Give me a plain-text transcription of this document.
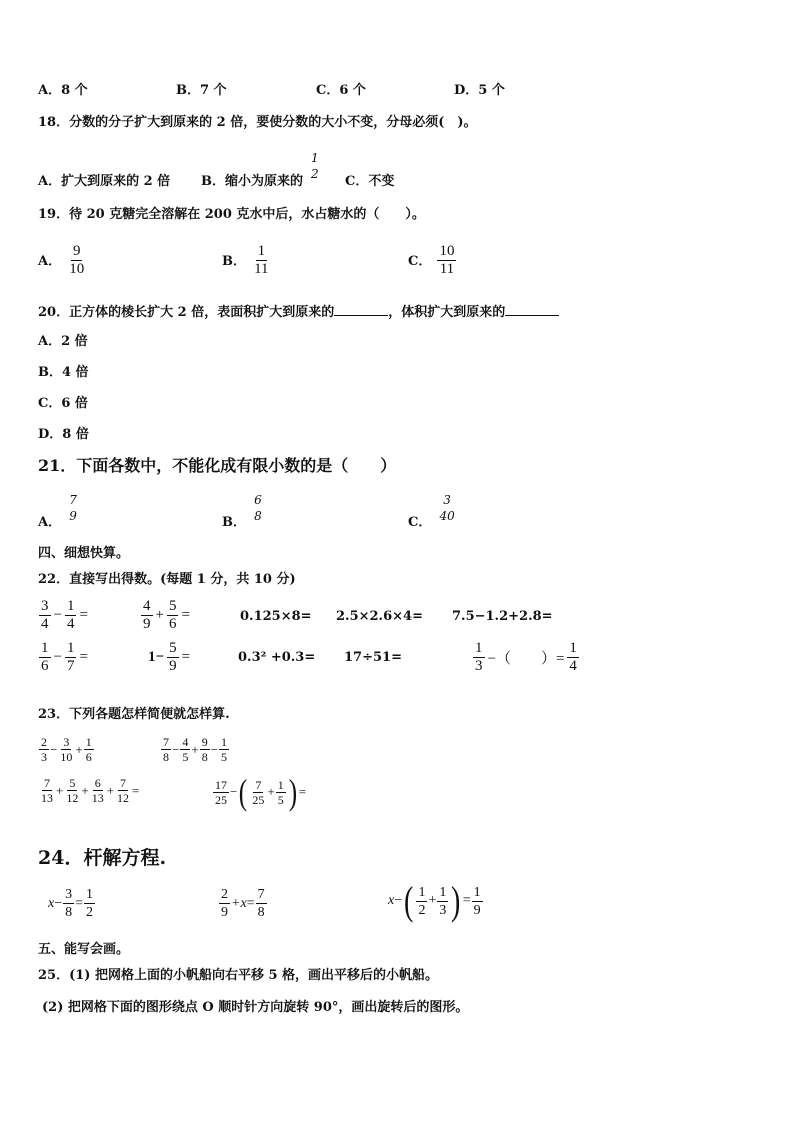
A．8 个	B．7 个	C．6 个	D．5 个
18．分数的分子扩大到原来的 2 倍，要使分数的大小不变，分母必须(　)。
A．扩大到原来的 2 倍 B．缩小为原来的
1
2 C．不变
19．待 20 克糖完全溶解在 200 克水中后，水占糖水的（　　）。
A． $\frac{9}{10}$	B． $\frac{1}{11}$	C． $\frac{10}{11}$
20．正方体的棱长扩大 2 倍，表面积扩大到原来的	，体积扩大到原来的
A．2 倍
B．4 倍
C．6 倍
D．8 倍
21．下面各数中，不能化成有限小数的是（　　）
$_{A.}$
7
9	$_{B.}$
6
8	$_{C.}$
3
40
四、细想快算。
22．直接写出得数。(每题 1 分，共 10 分)
$\frac{3}{4} - \frac{1}{4}$ =	$\frac{4}{9} + \frac{5}{6}$ =	0.125×8= 2.5×2.6×4= 7.5−1.2+2.8=
$\frac{1}{6} - \frac{1}{7}$ =	$1- \frac{5}{9}$ =	0.3² +0.3= 17÷51=	$\frac{1}{3}$ −（　　）= $\frac{1}{4}$
23．下列各题怎样简便就怎样算.
$\frac{2}{3} - \frac{3}{10} + \frac{1}{6}$	$\frac{7}{8} - \frac{4}{5} + \frac{9}{8} - \frac{1}{5}$
$\frac{7}{13} + \frac{5}{12} + \frac{6}{13} + \frac{7}{12}$ =	$\frac{17}{25}$ − ( $\frac{7}{25} + \frac{1}{5}$ ) =
24．杆解方程.
$x - \frac{3}{8} = \frac{1}{2}$	$\frac{2}{9} +x = \frac{7}{8}$	x − ( $\frac{1}{2} + \frac{1}{3}$ ) = $\frac{1}{9}$
五、能写会画。
25．(1) 把网格上面的小帆船向右平移 5 格，画出平移后的小帆船。
(2) 把网格下面的图形绕点 O 顺时针方向旋转 90°，画出旋转后的图形。
